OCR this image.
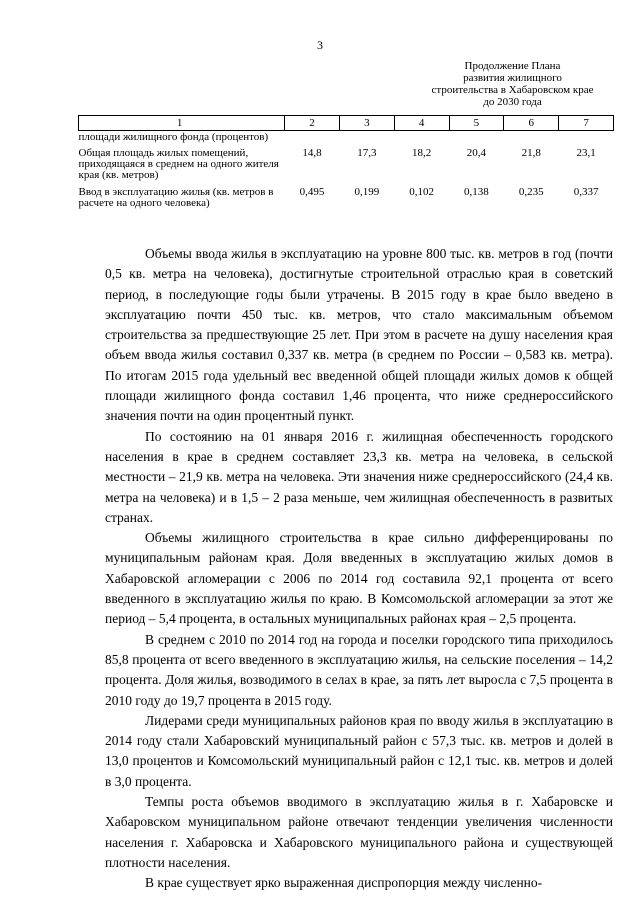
3
Продолжение Плана
развития жилищного
строительства в Хабаровском крае
до 2030 года
1	2	3	4	5	6	7
площади жилищного фонда (процентов)						
Общая площадь жилых помещений, приходящаяся в среднем на одного жителя края (кв. метров)	14,8	17,3	18,2	20,4	21,8	23,1
Ввод в эксплуатацию жилья (кв. метров в расчете на одного человека)	0,495	0,199	0,102	0,138	0,235	0,337

Объемы ввода жилья в эксплуатацию на уровне 800 тыс. кв. метров в год (почти 0,5 кв. метра на человека), достигнутые строительной отраслью края в советский период, в последующие годы были утрачены. В 2015 году в крае было введено в эксплуатацию почти 450 тыс. кв. метров, что стало максимальным объемом строительства за предшествующие 25 лет. При этом в расчете на душу населения края объем ввода жилья составил 0,337 кв. метра (в среднем по России – 0,583 кв. метра). По итогам 2015 года удельный вес введенной общей площади жилых домов к общей площади жилищного фонда составил 1,46 процента, что ниже среднероссийского значения почти на один процентный пункт.

По состоянию на 01 января 2016 г. жилищная обеспеченность городского населения в крае в среднем составляет 23,3 кв. метра на человека, в сельской местности – 21,9 кв. метра на человека. Эти значения ниже среднероссийского (24,4 кв. метра на человека) и в 1,5 – 2 раза меньше, чем жилищная обеспеченность в развитых странах.

Объемы жилищного строительства в крае сильно дифференцированы по муниципальным районам края. Доля введенных в эксплуатацию жилых домов в Хабаровской агломерации с 2006 по 2014 год составила 92,1 процента от всего введенного в эксплуатацию жилья по краю. В Комсомольской агломерации за этот же период – 5,4 процента, в остальных муниципальных районах края – 2,5 процента.

В среднем с 2010 по 2014 год на города и поселки городского типа приходилось 85,8 процента от всего введенного в эксплуатацию жилья, на сельские поселения – 14,2 процента. Доля жилья, возводимого в селах в крае, за пять лет выросла с 7,5 процента в 2010 году до 19,7 процента в 2015 году.

Лидерами среди муниципальных районов края по вводу жилья в эксплуатацию в 2014 году стали Хабаровский муниципальный район с 57,3 тыс. кв. метров и долей в 13,0 процентов и Комсомольский муниципальный район с 12,1 тыс. кв. метров и долей в 3,0 процента.

Темпы роста объемов вводимого в эксплуатацию жилья в г. Хабаровске и Хабаровском муниципальном районе отвечают тенденции увеличения численности населения г. Хабаровска и Хабаровского муниципального района и существующей плотности населения.

В крае существует ярко выраженная диспропорция между численно-
